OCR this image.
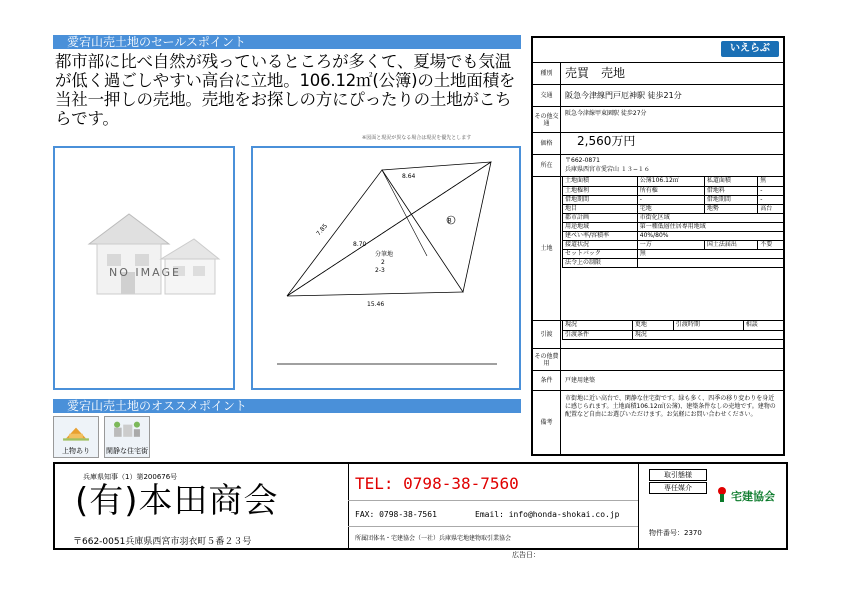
愛宕山売土地のセールスポイント
都市部に比べ自然が残っているところが多くて、夏場でも気温が低く過ごしやすい高台に立地。106.12㎡(公簿)の土地面積を当社一押しの売地。売地をお探しの方にぴったりの土地がこちらです。
※図面と現況が異なる場合は現況を優先とします
NO IMAGE
B
8.64
7.85
15.46
8.70
分筆地
2
2-3
愛宕山売土地のオススメポイント
上物あり	閑静な住宅街
いえらぶ
種別	売買　売地
交通	阪急今津線門戸厄神駅 徒歩21分
その他交通
阪急今津線甲東園駅 徒歩27分
価格	2,560万円
所在
〒662-0871
兵庫県西宮市愛宕山 １３−１６
土地
土地面積	公簿106.12㎡	私道面積	無
土地権利	所有権	借地料	-
借地期間	-	借地期間	-
地目	宅地	地勢	高台
都市計画	市街化区域		
用途地域	第一種低層住居専用地域		
建ぺい率/容積率	40%/80%		
接道状況	一方	国土法届出	不要
セットバック	無		
法令上の制限			
引渡
現況	更地	引渡時期	相談
引渡条件	現況		
その他費用
条件	戸建用建築
備考
市街地に近い高台で、閑静な住宅街です。緑も多く、四季の移り変わりを身近に感じられます。土地面積106.12㎡(公簿)、建築条件なしの売地です。建物の配置など自由にお選びいただけます。お気軽にお問い合わせください。
兵庫県知事（1）第200676号
(有)本田商会
〒662-0051兵庫県西宮市羽衣町５番２３号
TEL: 0798-38-7560
FAX: 0798-38-7561	Email: info@honda-shokai.co.jp
所属団体名・宅建協会（一社）兵庫県宅地建物取引業協会
取引態様
専任媒介
宅建協会
物件番号：2370
広告日：
